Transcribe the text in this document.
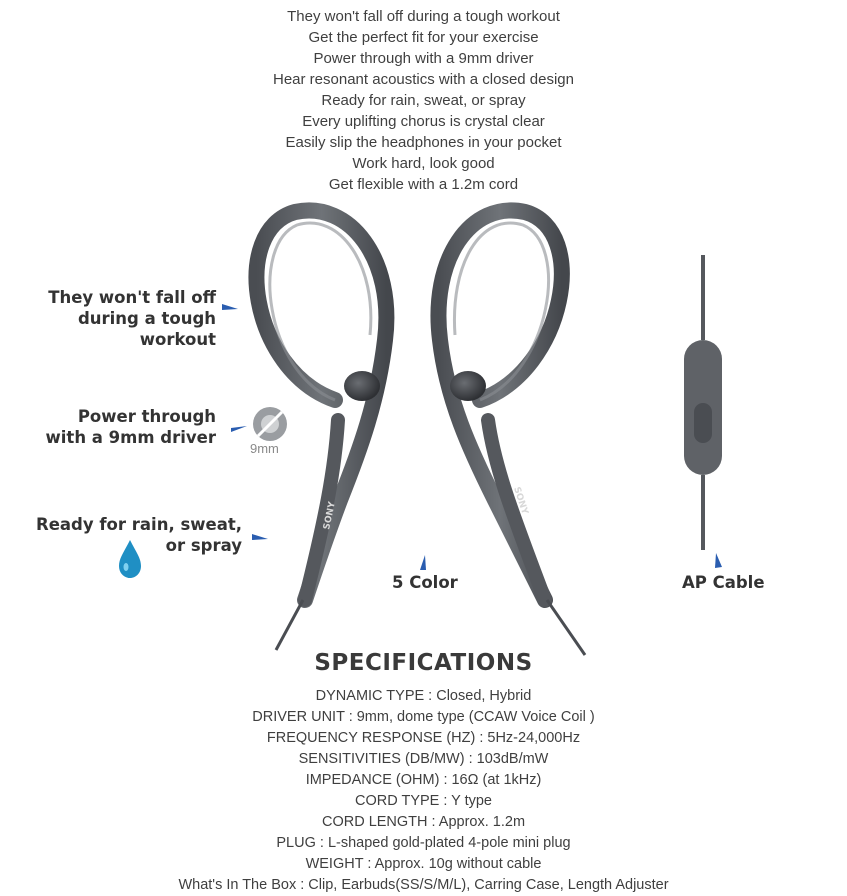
They won't fall off during a tough workout
Get the perfect fit for your exercise
Power through with a 9mm driver
Hear resonant acoustics with a closed design
Ready for rain, sweat, or spray
Every uplifting chorus is crystal clear
Easily slip the headphones in your pocket
Work hard, look good
Get flexible with a 1.2m cord
SONY
SONY
They won't fall off
during a tough workout
Power through
with a 9mm driver
9mm
Ready for rain, sweat,
or spray
5 Color	AP Cable
SPECIFICATIONS
DYNAMIC TYPE : Closed, Hybrid
DRIVER UNIT : 9mm, dome type (CCAW Voice Coil )
FREQUENCY RESPONSE (HZ) : 5Hz-24,000Hz
SENSITIVITIES (DB/MW) : 103dB/mW
IMPEDANCE (OHM) : 16Ω (at 1kHz)
CORD TYPE : Y type
CORD LENGTH : Approx. 1.2m
PLUG : L-shaped gold-plated 4-pole mini plug
WEIGHT : Approx. 10g without cable
What's In The Box : Clip, Earbuds(SS/S/M/L), Carring Case, Length Adjuster
